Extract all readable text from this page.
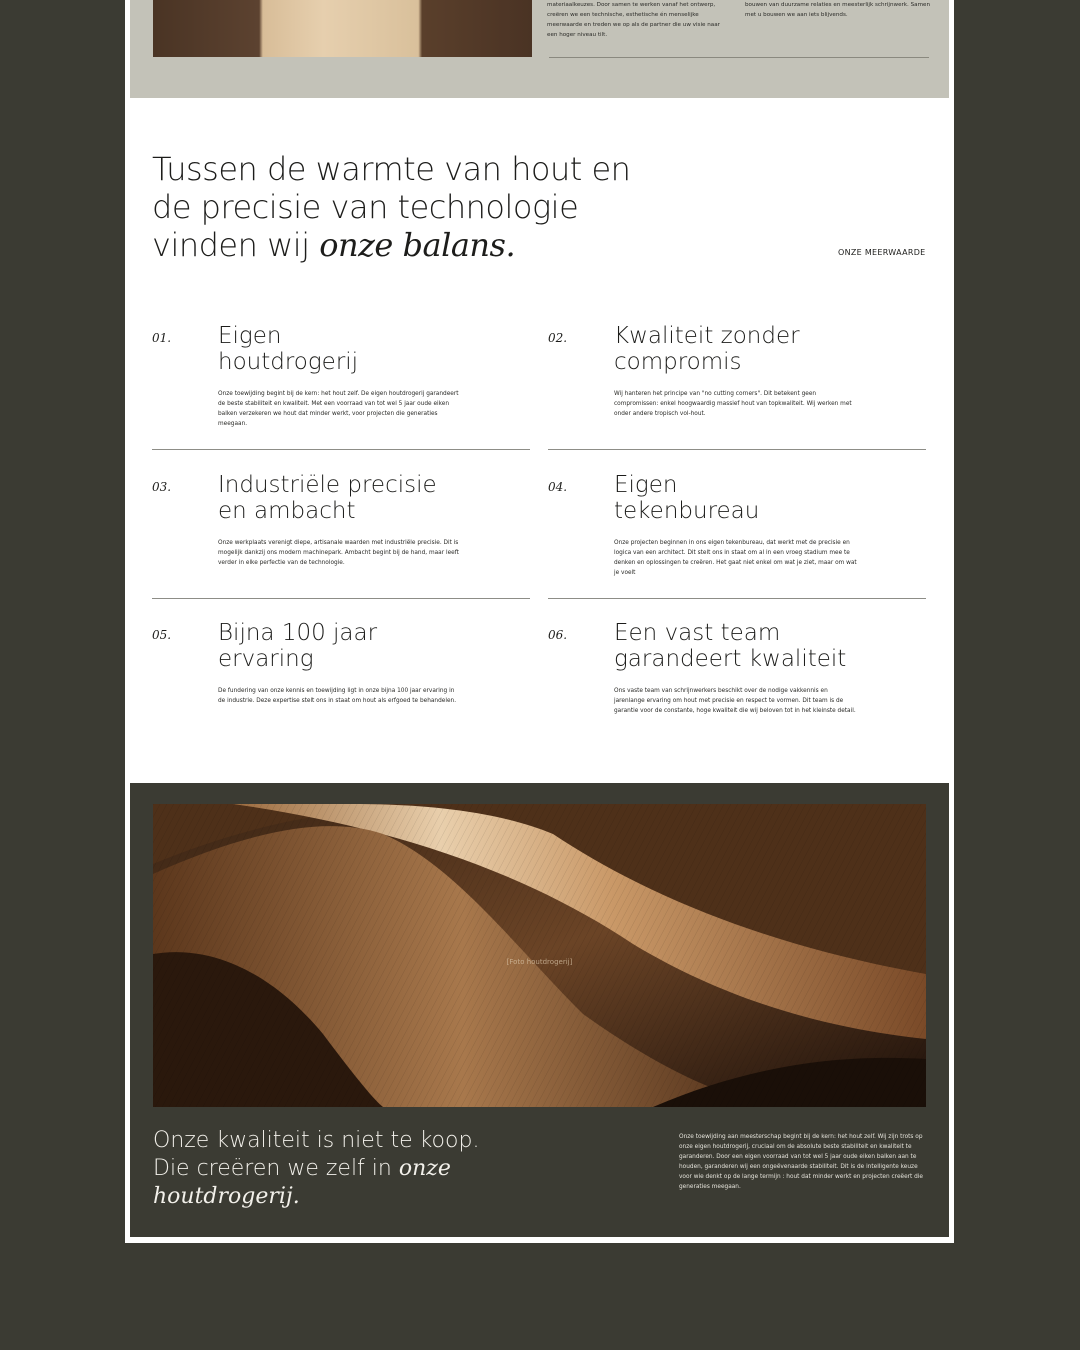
materiaalkeuzes. Door samen te werken vanaf het ontwerp, creëren we een technische, esthetische én menselijke meerwaarde en treden we op als de partner die uw visie naar een hoger niveau tilt.
bouwen van duurzame relaties en meesterlijk schrijnwerk. Samen met u bouwen we aan iets blijvends.
Tussen de warmte van hout en
de precisie van technologie
vinden wij onze balans.	ONZE MEERWAARDE
01. Eigen houtdrogerij
Onze toewijding begint bij de kern: het hout zelf. De eigen houtdrogerij garandeert de beste stabiliteit en kwaliteit. Met een voorraad van tot wel 5 jaar oude eiken balken verzekeren we hout dat minder werkt, voor projecten die generaties meegaan.
02. Kwaliteit zonder compromis
Wij hanteren het principe van "no cutting corners". Dit betekent geen compromissen: enkel hoogwaardig massief hout van topkwaliteit. Wij werken met onder andere tropisch vol-hout.
03. Industriële precisie en ambacht
Onze werkplaats verenigt diepe, artisanale waarden met industriële precisie. Dit is mogelijk dankzij ons modern machinepark. Ambacht begint bij de hand, maar leeft verder in elke perfectie van de technologie.
04. Eigen tekenbureau
Onze projecten beginnen in ons eigen tekenbureau, dat werkt met de precisie en logica van een architect. Dit stelt ons in staat om al in een vroeg stadium mee te denken en oplossingen te creëren. Het gaat niet enkel om wat je ziet, maar om wat je voelt
05. Bijna 100 jaar ervaring
De fundering van onze kennis en toewijding ligt in onze bijna 100 jaar ervaring in de industrie. Deze expertise stelt ons in staat om hout als erfgoed te behandelen.
06. Een vast team garandeert kwaliteit
Ons vaste team van schrijnwerkers beschikt over de nodige vakkennis en jarenlange ervaring om hout met precisie en respect te vormen. Dit team is de garantie voor de constante, hoge kwaliteit die wij beloven tot in het kleinste detail.
[Foto houtdrogerij]
Onze kwaliteit is niet te koop.
Die creëren we zelf in onze
houtdrogerij.
Onze toewijding aan meesterschap begint bij de kern: het hout zelf. Wij zijn trots op onze eigen houtdrogerij, cruciaal om de absolute beste stabiliteit en kwaliteit te garanderen. Door een eigen voorraad van tot wel 5 jaar oude eiken balken aan te houden, garanderen wij een ongeëvenaarde stabiliteit. Dit is de intelligente keuze voor wie denkt op de lange termijn : hout dat minder werkt en projecten creëert die generaties meegaan.
